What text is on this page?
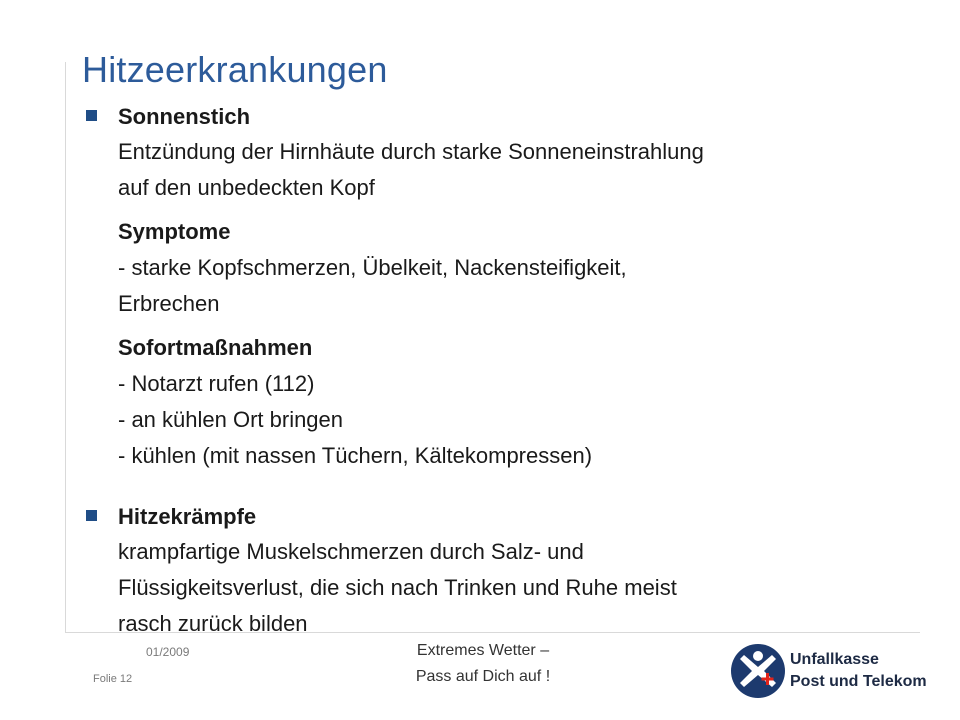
Hitzeerkrankungen
Sonnenstich
Entzündung der Hirnhäute durch starke Sonneneinstrahlung
auf den unbedeckten Kopf
Symptome
- starke Kopfschmerzen, Übelkeit, Nackensteifigkeit,
Erbrechen
Sofortmaßnahmen
- Notarzt rufen (112)
- an kühlen Ort bringen
- kühlen (mit nassen Tüchern, Kältekompressen)
Hitzekrämpfe
krampfartige Muskelschmerzen durch Salz- und
Flüssigkeitsverlust, die sich nach Trinken und Ruhe meist
rasch zurück bilden
01/2009
Folie 12
Extremes Wetter –
Pass auf Dich auf !
Unfallkasse
Post und Telekom
